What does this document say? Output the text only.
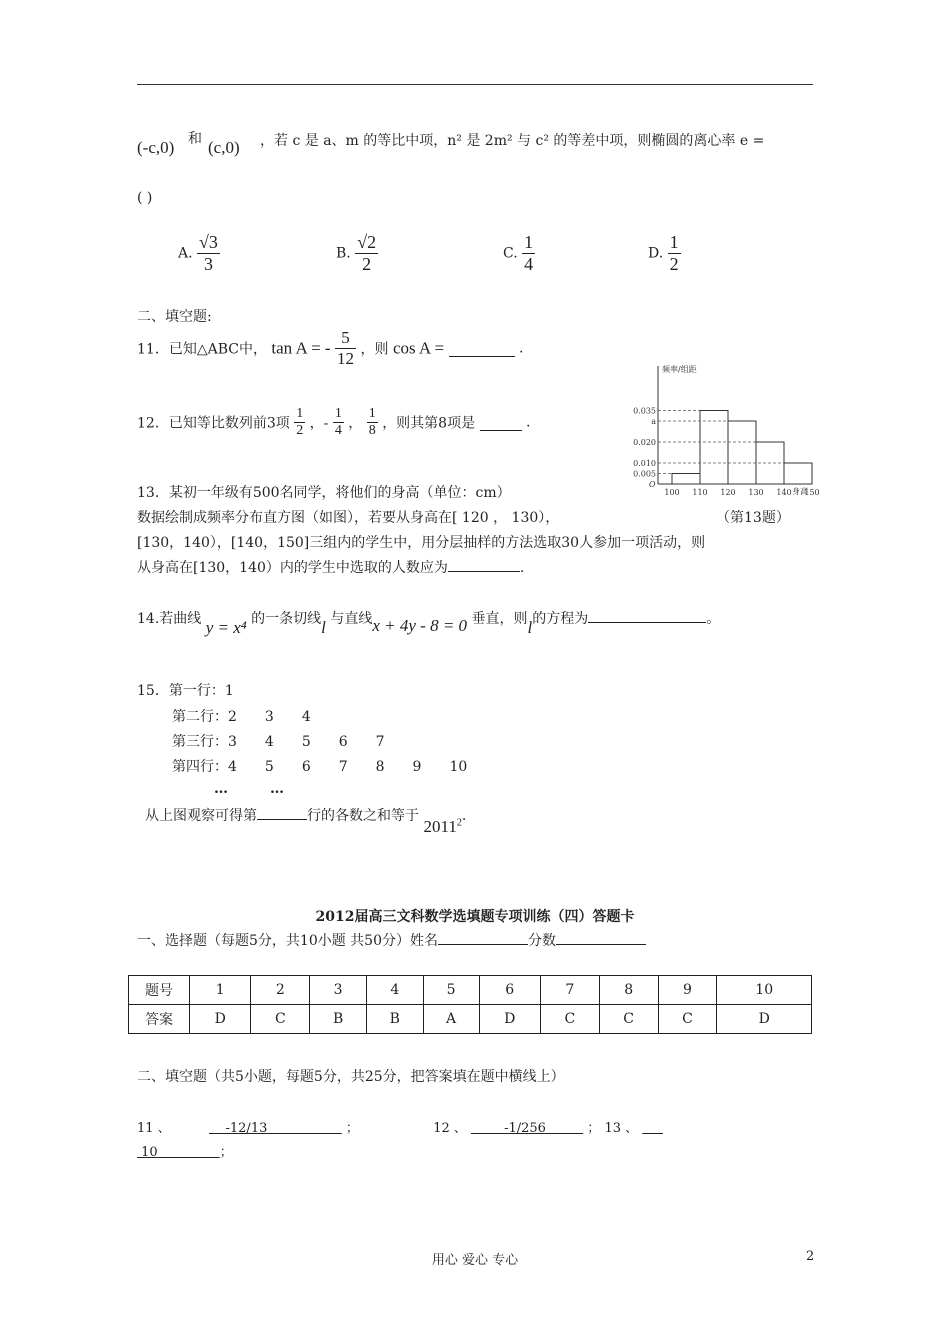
(-c,0) 和 (c,0) ，若 c 是 a、m 的等比中项，n² 是 2m² 与 c² 的等差中项，则椭圆的离心率 e =
( )
A. $\frac{√3}{3}$	B. $\frac{√2}{2}$	C. $\frac{1}{4}$	D. $\frac{1}{2}$
二、填空题:
11．已知△ABC中， tan A = - $\frac{5}{12}$ ，则 cos A =	.
12．已知等比数列前3项 $\frac{1}{2}$ ，- $\frac{1}{4}$ ， $\frac{1}{8}$ ，则其第8项是	.
频率/组距
身高
O
0.035
a
0.020
0.010
0.005
100 110 120 130 140 150
13．某初一年级有500名同学，将他们的身高（单位：cm）
数据绘制成频率分布直方图（如图），若要从身高在[ 120 ， 130），	（第13题）
[130，140），[140，150]三组内的学生中，用分层抽样的方法选取30人参加一项活动，则
从身高在[130，140）内的学生中选取的人数应为	.
14.若曲线 y = x⁴ 的一条切线l 与直线x + 4y - 8 = 0 垂直，则l的方程为	。
15．第一行：1
第二行：2　　3　　4
第三行：3　　4　　5　　6　　7
第四行：4　　5　　6　　7　　8　　9　　10
…　　　…
从上图观察可得第	行的各数之和等于 2011$^2$.
2012届高三文科数学选填题专项训练（四）答题卡
一、选择题（每题5分，共10小题 共50分）姓名	分数
题号	1	2	3	4	5	6	7	8	9	10
答案	D	C	B	B	A	D	C	C	C	D
二、填空题（共5小题，每题5分，共25分，把答案填在题中横线上）
11 、	-12/13	；	12 、	-1/256	； 13 、
10	；
用心 爱心 专心	2
